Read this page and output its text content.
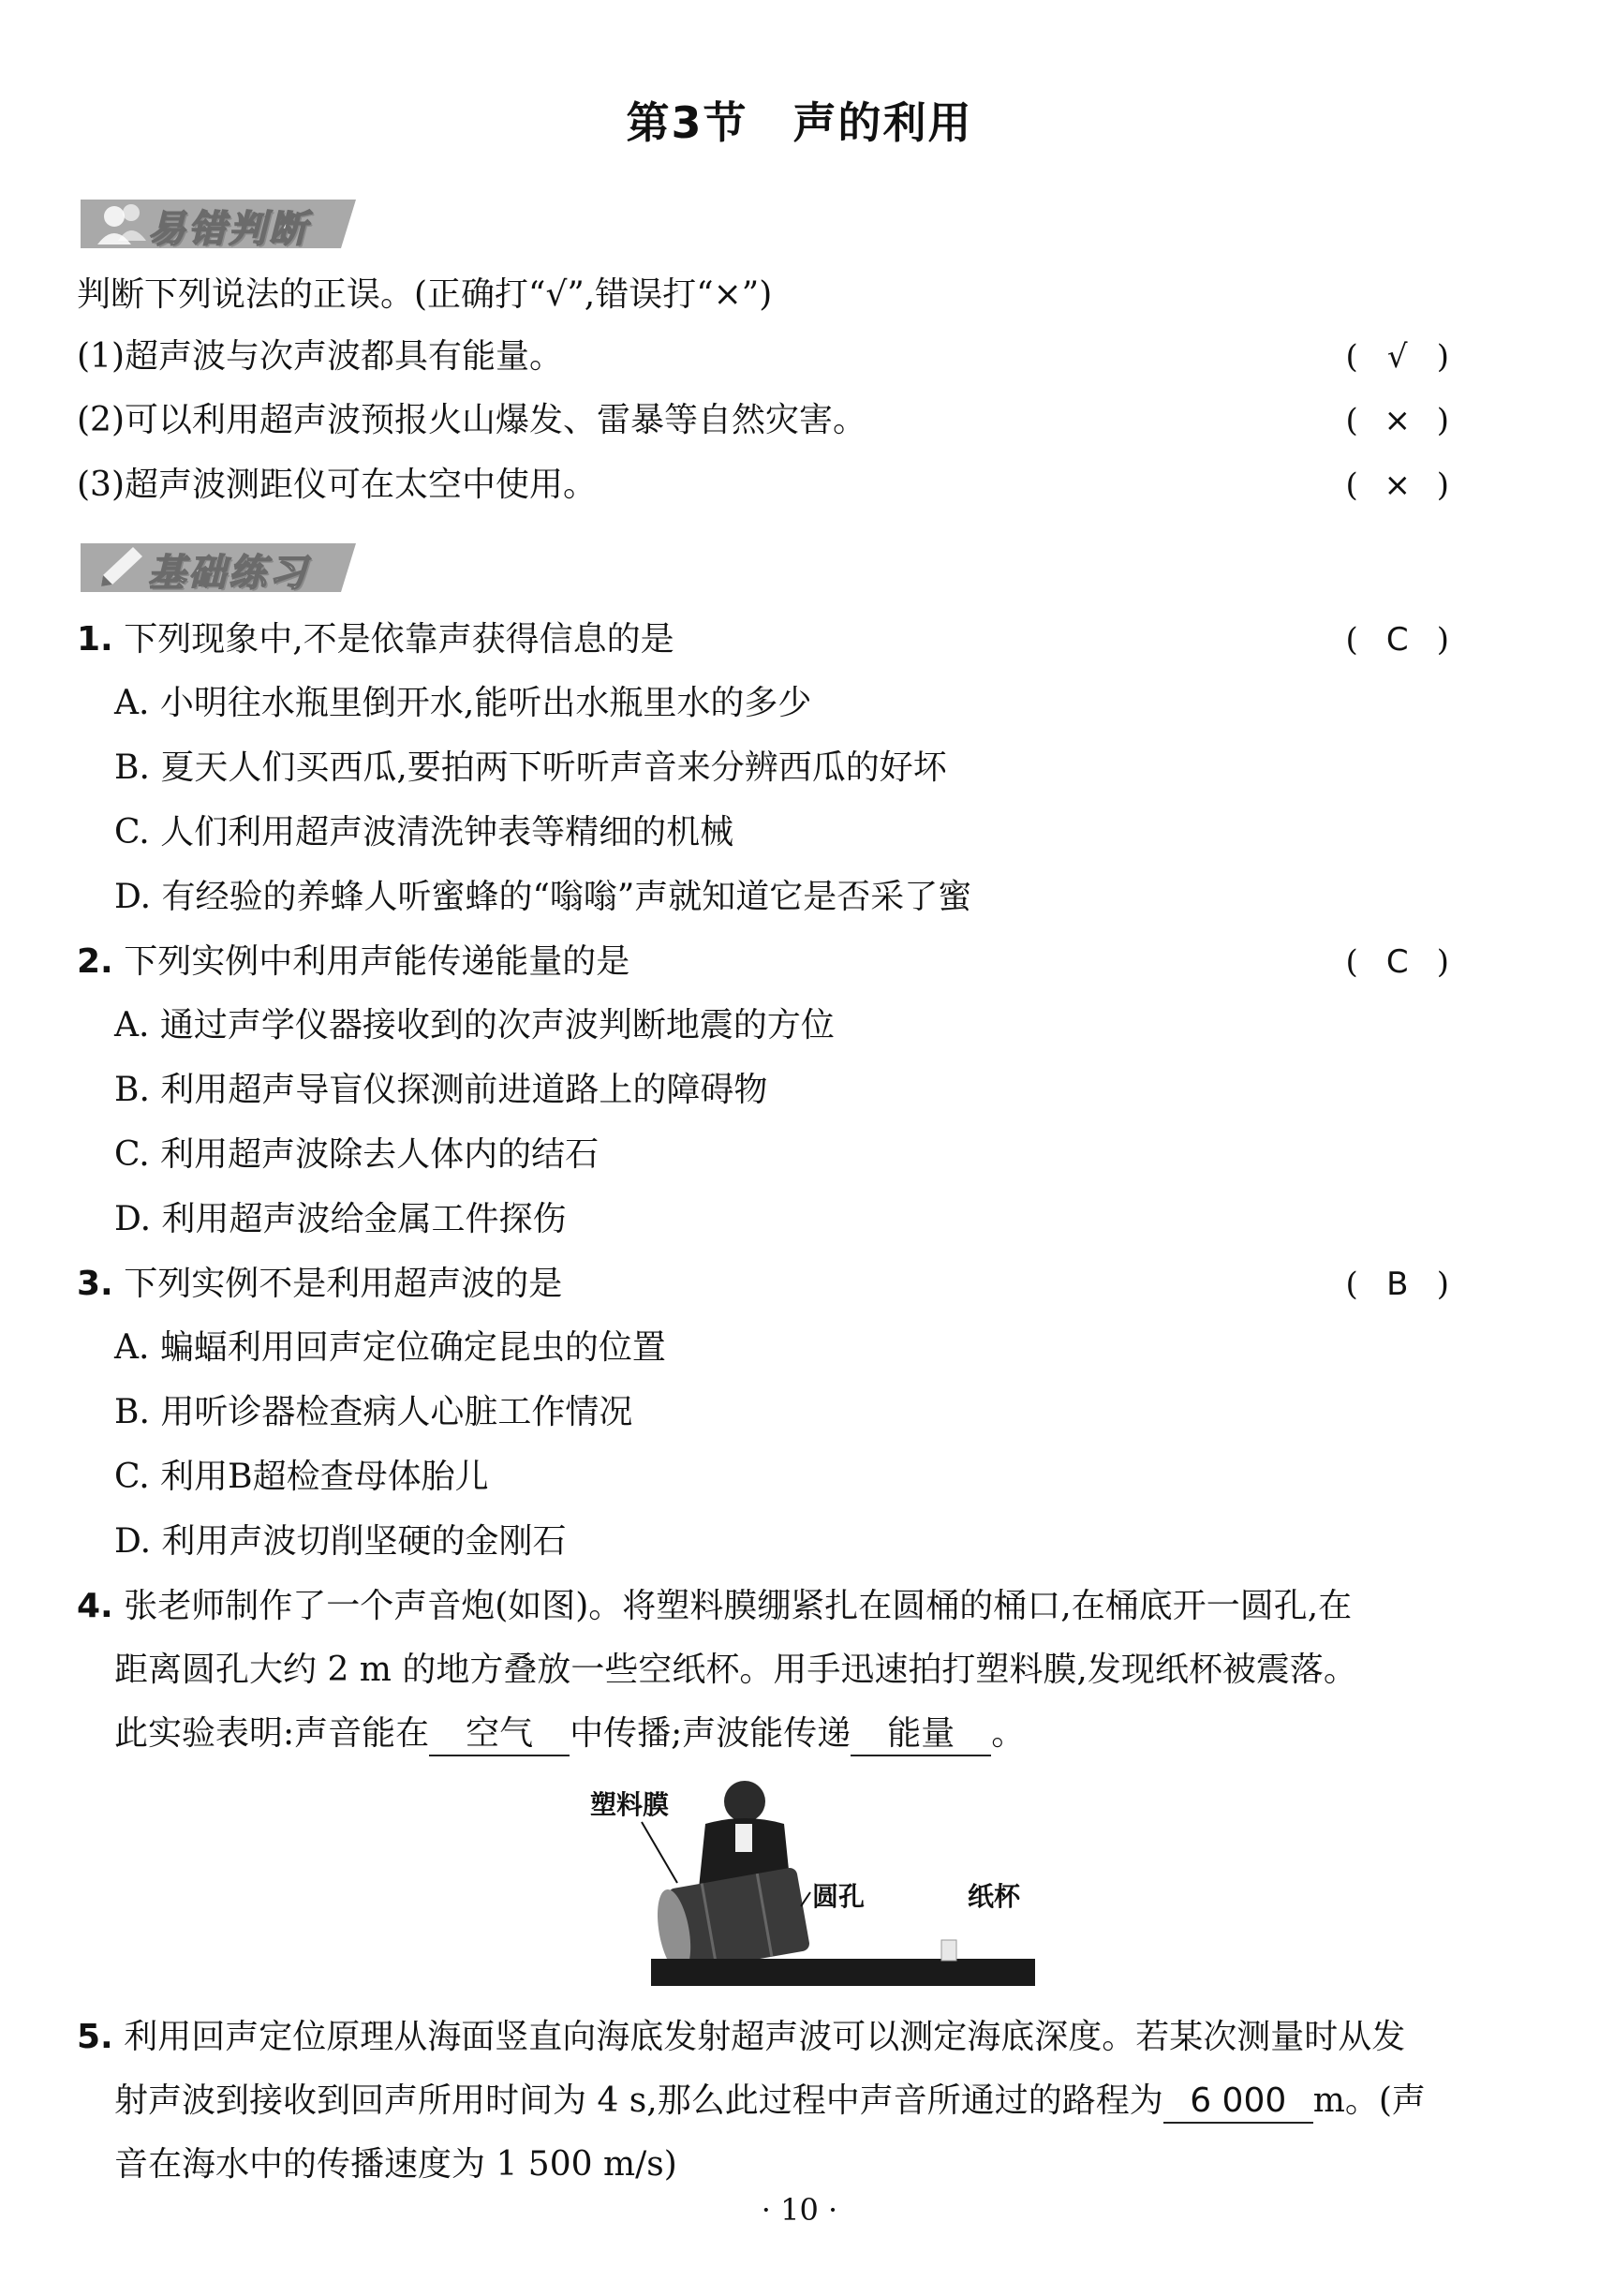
第3节　声的利用
易错判断
判断下列说法的正误。(正确打“√”,错误打“×”)
(1)超声波与次声波都具有能量。	( √ )
(2)可以利用超声波预报火山爆发、雷暴等自然灾害。	( × )
(3)超声波测距仪可在太空中使用。	( × )
基础练习
1. 下列现象中,不是依靠声获得信息的是	( C )
A. 小明往水瓶里倒开水,能听出水瓶里水的多少
B. 夏天人们买西瓜,要拍两下听听声音来分辨西瓜的好坏
C. 人们利用超声波清洗钟表等精细的机械
D. 有经验的养蜂人听蜜蜂的“嗡嗡”声就知道它是否采了蜜
2. 下列实例中利用声能传递能量的是	( C )
A. 通过声学仪器接收到的次声波判断地震的方位
B. 利用超声导盲仪探测前进道路上的障碍物
C. 利用超声波除去人体内的结石
D. 利用超声波给金属工件探伤
3. 下列实例不是利用超声波的是	( B )
A. 蝙蝠利用回声定位确定昆虫的位置
B. 用听诊器检查病人心脏工作情况
C. 利用B超检查母体胎儿
D. 利用声波切削坚硬的金刚石
4. 张老师制作了一个声音炮(如图)。将塑料膜绷紧扎在圆桶的桶口,在桶底开一圆孔,在
距离圆孔大约 2 m 的地方叠放一些空纸杯。用手迅速拍打塑料膜,发现纸杯被震落。
此实验表明:声音能在 空气 中传播;声波能传递 能量 。
塑料膜
圆孔	纸杯
5. 利用回声定位原理从海面竖直向海底发射超声波可以测定海底深度。若某次测量时从发
射声波到接收到回声所用时间为 4 s,那么此过程中声音所通过的路程为 6 000 m。(声
音在海水中的传播速度为 1 500 m/s)
· 10 ·
